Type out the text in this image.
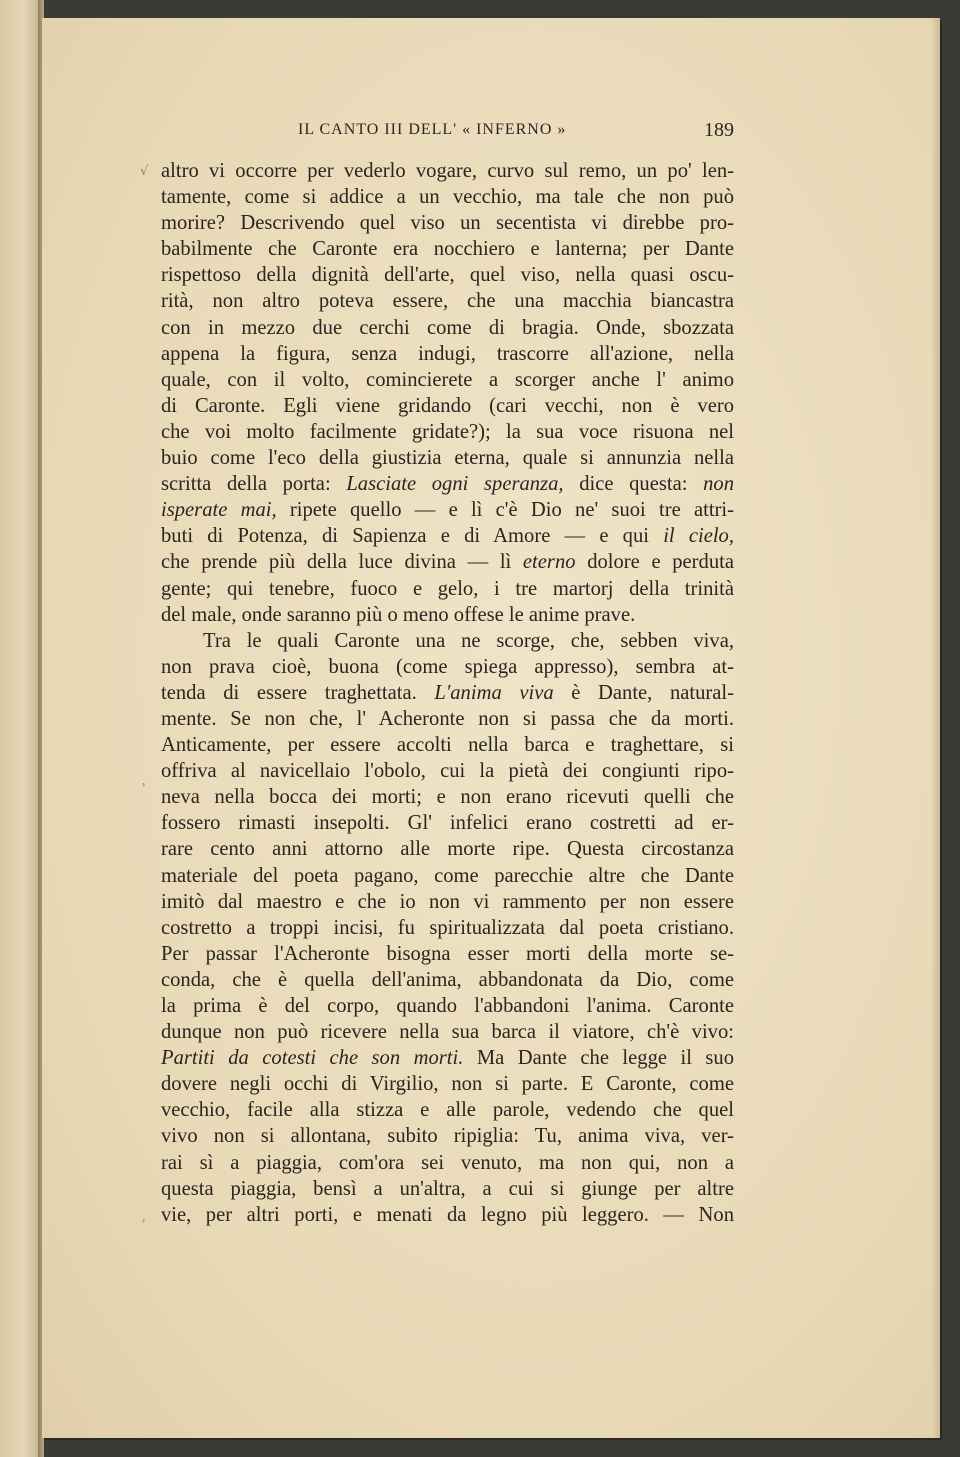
√
ʾ
ʾ
IL CANTO III DELL' « INFERNO »	189
altro vi occorre per vederlo vogare, curvo sul remo, un po' len-
tamente, come si addice a un vecchio, ma tale che non può
morire? Descrivendo quel viso un secentista vi direbbe pro-
babilmente che Caronte era nocchiero e lanterna; per Dante
rispettoso della dignità dell'arte, quel viso, nella quasi oscu-
rità, non altro poteva essere, che una macchia biancastra
con in mezzo due cerchi come di bragia. Onde, sbozzata
appena la figura, senza indugi, trascorre all'azione, nella
quale, con il volto, comincierete a scorger anche l' animo
di Caronte. Egli viene gridando (cari vecchi, non è vero
che voi molto facilmente gridate?); la sua voce risuona nel
buio come l'eco della giustizia eterna, quale si annunzia nella
scritta della porta: Lasciate ogni speranza, dice questa: non
isperate mai, ripete quello — e lì c'è Dio ne' suoi tre attri-
buti di Potenza, di Sapienza e di Amore — e qui il cielo,
che prende più della luce divina — lì eterno dolore e perduta
gente; qui tenebre, fuoco e gelo, i tre martorj della trinità
del male, onde saranno più o meno offese le anime prave.
Tra le quali Caronte una ne scorge, che, sebben viva,
non prava cioè, buona (come spiega appresso), sembra at-
tenda di essere traghettata. L'anima viva è Dante, natural-
mente. Se non che, l' Acheronte non si passa che da morti.
Anticamente, per essere accolti nella barca e traghettare, si
offriva al navicellaio l'obolo, cui la pietà dei congiunti ripo-
neva nella bocca dei morti; e non erano ricevuti quelli che
fossero rimasti insepolti. Gl' infelici erano costretti ad er-
rare cento anni attorno alle morte ripe. Questa circostanza
materiale del poeta pagano, come parecchie altre che Dante
imitò dal maestro e che io non vi rammento per non essere
costretto a troppi incisi, fu spiritualizzata dal poeta cristiano.
Per passar l'Acheronte bisogna esser morti della morte se-
conda, che è quella dell'anima, abbandonata da Dio, come
la prima è del corpo, quando l'abbandoni l'anima. Caronte
dunque non può ricevere nella sua barca il viatore, ch'è vivo:
Partiti da cotesti che son morti. Ma Dante che legge il suo
dovere negli occhi di Virgilio, non si parte. E Caronte, come
vecchio, facile alla stizza e alle parole, vedendo che quel
vivo non si allontana, subito ripiglia: Tu, anima viva, ver-
rai sì a piaggia, com'ora sei venuto, ma non qui, non a
questa piaggia, bensì a un'altra, a cui si giunge per altre
vie, per altri porti, e menati da legno più leggero. — Non
